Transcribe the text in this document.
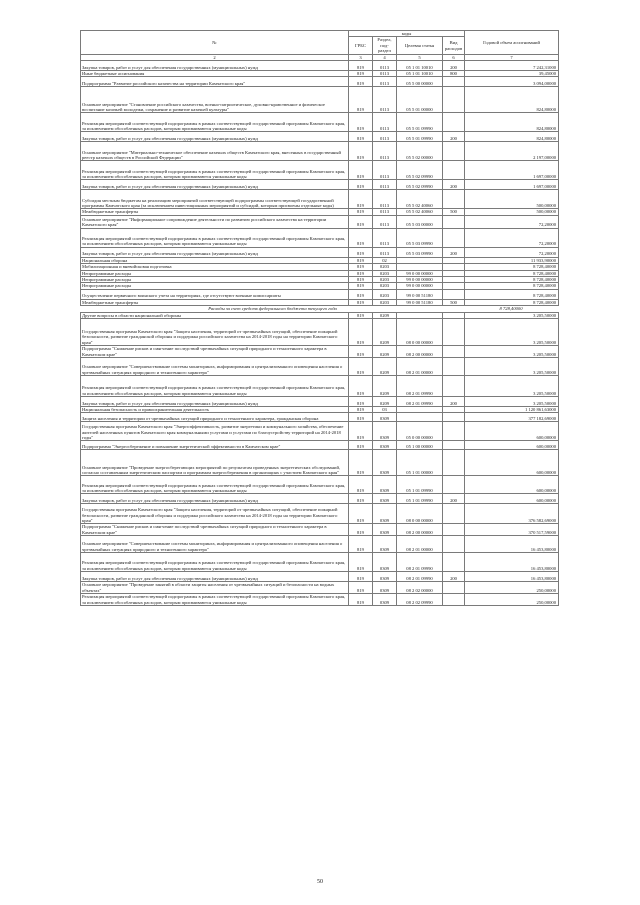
№	коды				Годовой объем ассигнований
	ГРБС	Раздел, под-раздел	Целевая статья	Вид расходов	
2	3	4	5	6	7
Закупка товаров, работ и услуг для обеспечения государственных (муниципальных) нужд	819	0113	05 1 01 10010	200	7 242,31000
Иные бюджетные ассигнования	819	0113	05 1 01 10010	800	39,45000
Подпрограмма "Развитие российского казачества на территории Камчатского края"	819	0113	05 5 00 00000		3 094,00000
Основное мероприятие "Становление российского казачества, военно-патриотическое, духовно-нравственное и физическое воспитание казачьей молодежи, сохранение и развитие казачьей культуры"	819	0113	05 5 01 00000		824,80000
Реализация мероприятий соответствующей подпрограммы в рамках соответствующей государственной программы Камчатского края, за исключением обособленных расходов, которым присваиваются уникальные коды	819	0113	05 5 01 09990		824,80000
Закупка товаров, работ и услуг для обеспечения государственных (муниципальных) нужд	819	0113	05 5 01 09990	200	824,80000
Основное мероприятие "Материально-техническое обеспечение казачьих обществ Камчатского края, внесенных в государственный реестр казачьих обществ в Российской Федерации"	819	0113	05 5 02 00000		2 197,00000
Реализация мероприятий соответствующей подпрограммы в рамках соответствующей государственной программы Камчатского края, за исключением обособленных расходов, которым присваиваются уникальные коды	819	0113	05 5 02 09990		1 697,00000
Закупка товаров, работ и услуг для обеспечения государственных (муниципальных) нужд	819	0113	05 5 02 09990	200	1 697,00000
Субсидия местным бюджетам на реализацию мероприятий соответствующей подпрограммы соответствующей государственной программы Камчатского края (за исключением инвестиционных мероприятий и субсидий, которым присвоены отдельные коды)	819	0113	05 5 02 40060		500,00000
Межбюджетные трансферты	819	0113	05 5 02 40060	500	500,00000
Основное мероприятие "Информационное сопровождение деятельности по развитию российского казачества на территории Камчатского края"	819	0113	05 5 03 00000		72,20000
Реализация мероприятий соответствующей подпрограммы в рамках соответствующей государственной программы Камчатского края, за исключением обособленных расходов, которым присваиваются уникальные коды	819	0113	05 5 03 09990		72,20000
Закупка товаров, работ и услуг для обеспечения государственных (муниципальных) нужд	819	0113	05 5 03 09990	200	72,20000
Национальная оборона	819	02			11 933,90000
Мобилизационная и вневойсковая подготовка	819	0203			8 728,40000
Непрограммные расходы	819	0203	99 0 00 00000		8 728,40000
Непрограммные расходы	819	0203	99 0 00 00000		8 728,40000
Непрограммные расходы	819	0203	99 0 00 00000		8 728,40000
Осуществление первичного воинского учета на территориях, где отсутствуют военные комиссариаты	819	0203	99 0 00 51180		8 728,40000
Межбюджетные трансферты	819	0203	99 0 00 51180	500	8 728,40000
Расходы за счет средств федерального бюджета текущего года					8 728,40000
Другие вопросы в области национальной обороны	819	0209			3 205,50000
Государственная программа Камчатского края "Защита населения, территорий от чрезвычайных ситуаций, обеспечение пожарной безопасности, развитие гражданской обороны и поддержка российского казачества на 2014-2018 годы на территории Камчатского края"	819	0209	08 0 00 00000		3 205,50000
Подпрограмма "Снижение рисков и смягчение последствий чрезвычайных ситуаций природного и техногенного характера в Камчатском крае"	819	0209	08 2 00 00000		3 205,50000
Основное мероприятие "Совершенствование системы мониторинга, информирования и централизованного оповещения населения о чрезвычайных ситуациях природного и техногенного характера"	819	0209	08 2 01 00000		3 205,50000
Реализация мероприятий соответствующей подпрограммы в рамках соответствующей государственной программы Камчатского края, за исключением обособленных расходов, которым присваиваются уникальные коды	819	0209	08 2 01 09990		3 205,50000
Закупка товаров, работ и услуг для обеспечения государственных (муниципальных) нужд	819	0209	08 2 01 09990	200	3 205,50000
Национальная безопасность и правоохранительная деятельность	819	03			1 120 861,63000
Защита населения и территории от чрезвычайных ситуаций природного и техногенного характера, гражданская оборона	819	0309			377 182,69000
Государственная программа Камчатского края "Энергоэффективность, развитие энергетики и коммунального хозяйства, обеспечение жителей населенных пунктов Камчатского края коммунальными услугами и услугами по благоустройству территорий на 2014-2018 годы"	819	0309	05 0 00 00000		600,00000
Подпрограмма "Энергосбережение и повышение энергетической эффективности в Камчатском крае"	819	0309	05 1 00 00000		600,00000
Основное мероприятие "Проведение энергосберегающих мероприятий по результатам проведенных энергетических обследований, согласно составленным энергетическим паспортам и программам энергосбережения в организациях с участием Камчатского края"	819	0309	05 1 01 00000		600,00000
Реализация мероприятий соответствующей подпрограммы в рамках соответствующей государственной программы Камчатского края, за исключением обособленных расходов, которым присваиваются уникальные коды	819	0309	05 1 01 09990		600,00000
Закупка товаров, работ и услуг для обеспечения государственных (муниципальных) нужд	819	0309	05 1 01 09990	200	600,00000
Государственная программа Камчатского края "Защита населения, территорий от чрезвычайных ситуаций, обеспечение пожарной безопасности, развитие гражданской обороны и поддержка российского казачества на 2014-2018 годы на территории Камчатского края"	819	0309	08 0 00 00000		376 582,69000
Подпрограмма "Снижение рисков и смягчение последствий чрезвычайных ситуаций природного и техногенного характера в Камчатском крае"	819	0309	08 2 00 00000		370 517,59000
Основное мероприятие "Совершенствование системы мониторинга, информирования и централизованного оповещения населения о чрезвычайных ситуациях природного и техногенного характера"	819	0309	08 2 01 00000		16 453,80000
Реализация мероприятий соответствующей подпрограммы в рамках соответствующей государственной программы Камчатского края, за исключением обособленных расходов, которым присваиваются уникальные коды	819	0309	08 2 01 09990		16 453,80000
Закупка товаров, работ и услуг для обеспечения государственных (муниципальных) нужд	819	0309	08 2 01 09990	200	16 453,80000
Основное мероприятие "Проведение занятий в области защиты населения от чрезвычайных ситуаций и безопасности на водных объектах"	819	0309	08 2 02 00000		250,00000
Реализация мероприятий соответствующей подпрограммы в рамках соответствующей государственной программы Камчатского края, за исключением обособленных расходов, которым присваиваются уникальные коды	819	0309	08 2 02 09990		250,00000
50
